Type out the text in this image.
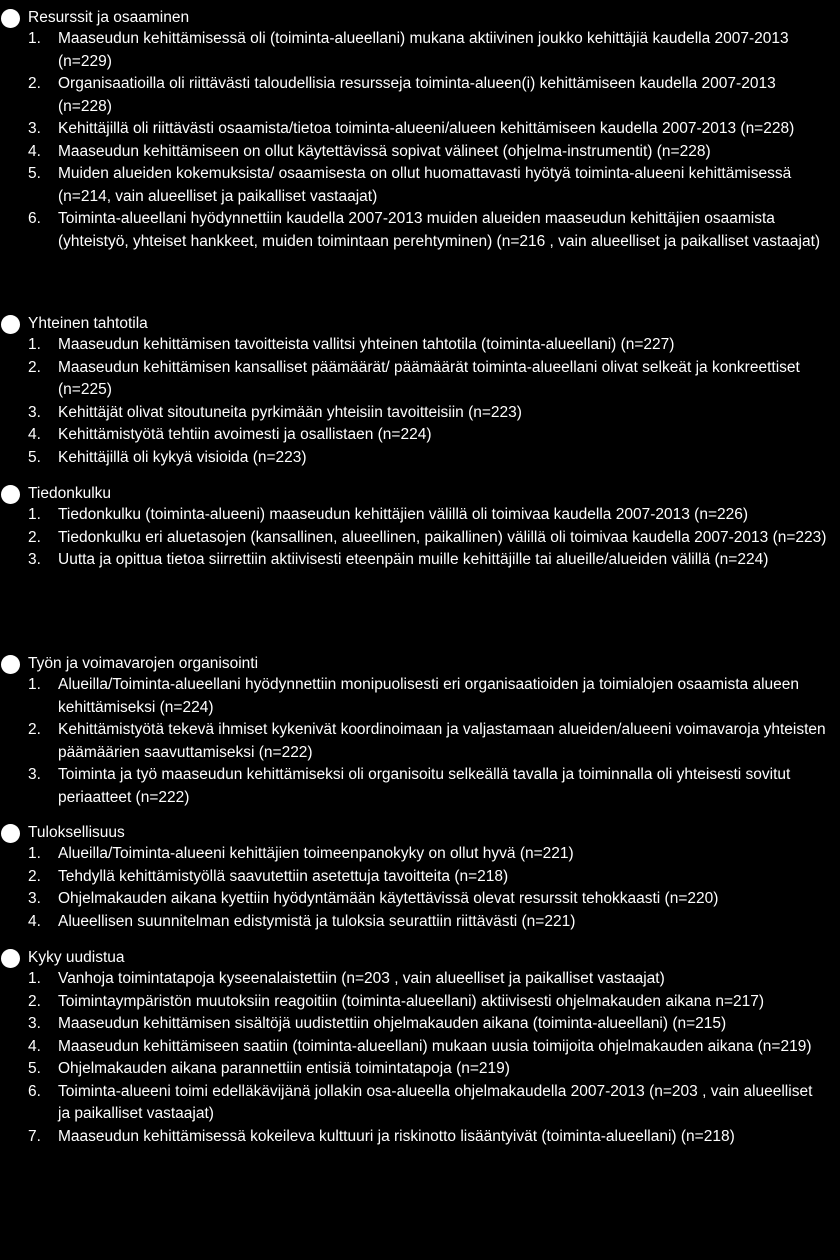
Resurssit ja osaaminen
1. Maaseudun kehittämisessä oli (toiminta-alueellani) mukana aktiivinen joukko kehittäjiä kaudella 2007-2013 (n=229)
2. Organisaatioilla oli riittävästi taloudellisia resursseja toiminta-alueen(i) kehittämiseen kaudella 2007-2013 (n=228)
3. Kehittäjillä oli riittävästi osaamista/tietoa toiminta-alueeni/alueen kehittämiseen kaudella 2007-2013 (n=228)
4. Maaseudun kehittämiseen on ollut käytettävissä sopivat välineet (ohjelma-instrumentit) (n=228)
5. Muiden alueiden kokemuksista/ osaamisesta on ollut huomattavasti hyötyä toiminta-alueeni kehittämisessä (n=214, vain alueelliset ja paikalliset vastaajat)
6. Toiminta-alueellani hyödynnettiin kaudella 2007-2013 muiden alueiden maaseudun kehittäjien osaamista (yhteistyö, yhteiset hankkeet, muiden toimintaan perehtyminen) (n=216 , vain alueelliset ja paikalliset vastaajat)
Yhteinen tahtotila
1. Maaseudun kehittämisen tavoitteista vallitsi yhteinen tahtotila (toiminta-alueellani) (n=227)
2. Maaseudun kehittämisen kansalliset päämäärät/ päämäärät toiminta-alueellani olivat selkeät ja konkreettiset (n=225)
3. Kehittäjät olivat sitoutuneita pyrkimään yhteisiin tavoitteisiin (n=223)
4. Kehittämistyötä tehtiin avoimesti ja osallistaen (n=224)
5. Kehittäjillä oli kykyä visioida (n=223)
Tiedonkulku
1. Tiedonkulku (toiminta-alueeni) maaseudun kehittäjien välillä oli toimivaa kaudella 2007-2013 (n=226)
2. Tiedonkulku eri aluetasojen (kansallinen, alueellinen, paikallinen) välillä oli toimivaa kaudella 2007-2013 (n=223)
3. Uutta ja opittua tietoa siirrettiin aktiivisesti eteenpäin muille kehittäjille tai alueille/alueiden välillä (n=224)
Työn ja voimavarojen organisointi
1. Alueilla/Toiminta-alueellani hyödynnettiin monipuolisesti eri organisaatioiden ja toimialojen osaamista alueen kehittämiseksi (n=224)
2. Kehittämistyötä tekevä ihmiset kykenivät koordinoimaan ja valjastamaan alueiden/alueeni voimavaroja yhteisten päämäärien saavuttamiseksi (n=222)
3. Toiminta ja työ maaseudun kehittämiseksi oli organisoitu selkeällä tavalla ja toiminnalla oli yhteisesti sovitut periaatteet (n=222)
Tuloksellisuus
1. Alueilla/Toiminta-alueeni kehittäjien toimeenpanokyky on ollut hyvä (n=221)
2. Tehdyllä kehittämistyöllä saavutettiin asetettuja tavoitteita (n=218)
3. Ohjelmakauden aikana kyettiin hyödyntämään käytettävissä olevat resurssit tehokkaasti (n=220)
4. Alueellisen suunnitelman edistymistä ja tuloksia seurattiin riittävästi (n=221)
Kyky uudistua
1. Vanhoja toimintatapoja kyseenalaistettiin (n=203 , vain alueelliset ja paikalliset vastaajat)
2. Toimintaympäristön muutoksiin reagoitiin (toiminta-alueellani) aktiivisesti ohjelmakauden aikana n=217)
3. Maaseudun kehittämisen sisältöjä uudistettiin ohjelmakauden aikana (toiminta-alueellani) (n=215)
4. Maaseudun kehittämiseen saatiin (toiminta-alueellani) mukaan uusia toimijoita ohjelmakauden aikana (n=219)
5. Ohjelmakauden aikana parannettiin entisiä toimintatapoja (n=219)
6. Toiminta-alueeni toimi edelläkävijänä jollakin osa-alueella ohjelmakaudella 2007-2013 (n=203 , vain alueelliset ja paikalliset vastaajat)
7. Maaseudun kehittämisessä kokeileva kulttuuri ja riskinotto lisääntyivät (toiminta-alueellani) (n=218)
